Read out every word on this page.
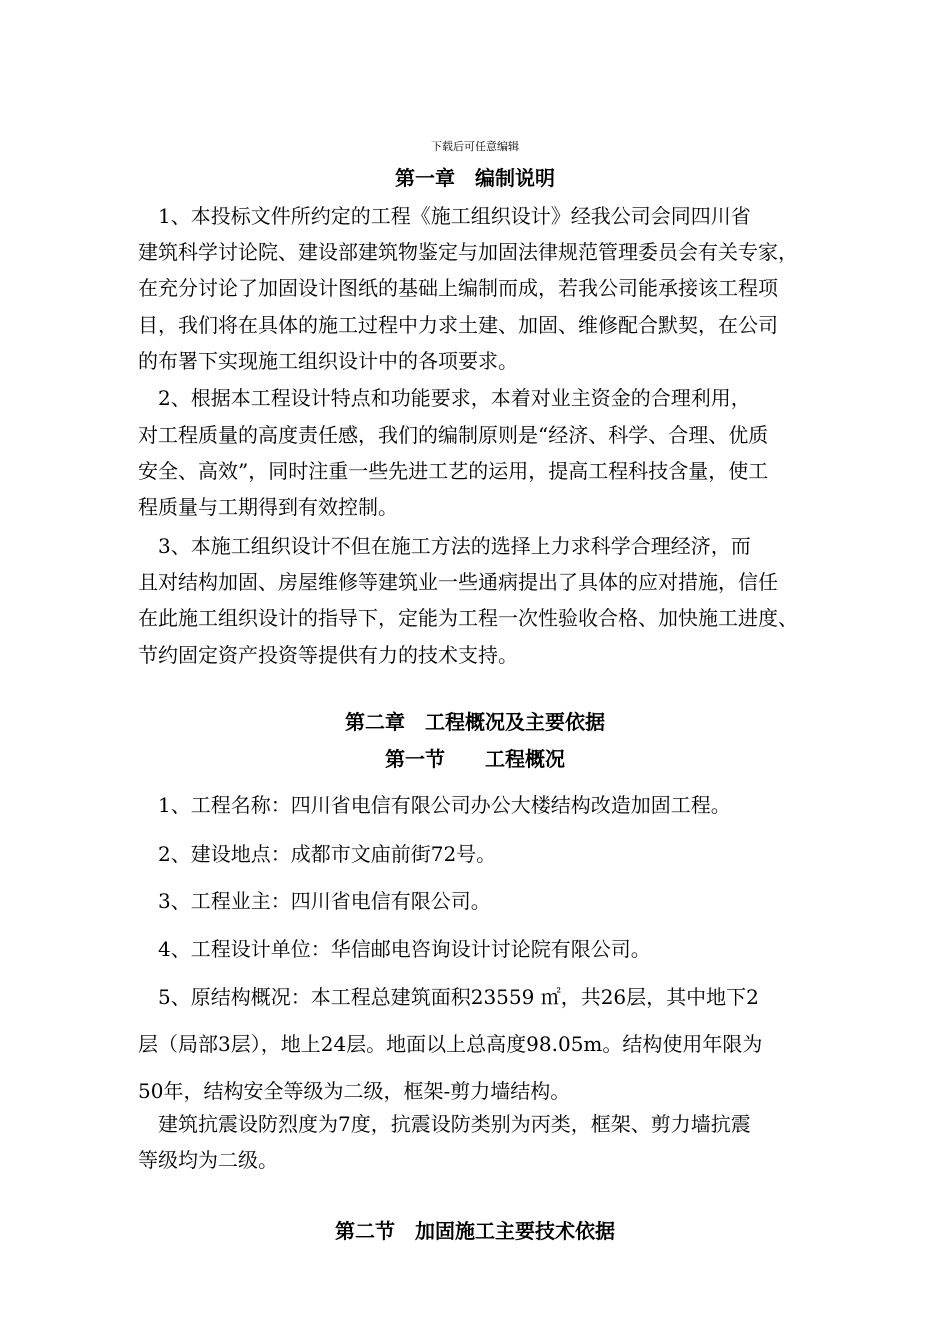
下载后可任意编辑
第一章　编制说明
　1、本投标文件所约定的工程《施工组织设计》经我公司会同四川省
建筑科学讨论院、建设部建筑物鉴定与加固法律规范管理委员会有关专家，
在充分讨论了加固设计图纸的基础上编制而成，若我公司能承接该工程项
目，我们将在具体的施工过程中力求土建、加固、维修配合默契，在公司
的布署下实现施工组织设计中的各项要求。
　2、根据本工程设计特点和功能要求，本着对业主资金的合理利用，
对工程质量的高度责任感，我们的编制原则是“经济、科学、合理、优质
安全、高效”，同时注重一些先进工艺的运用，提高工程科技含量，使工
程质量与工期得到有效控制。
　3、本施工组织设计不但在施工方法的选择上力求科学合理经济，而
且对结构加固、房屋维修等建筑业一些通病提出了具体的应对措施，信任
在此施工组织设计的指导下，定能为工程一次性验收合格、加快施工进度、
节约固定资产投资等提供有力的技术支持。
第二章　工程概况及主要依据
第一节　　工程概况
　1、工程名称：四川省电信有限公司办公大楼结构改造加固工程。
　2、建设地点：成都市文庙前街72号。
　3、工程业主：四川省电信有限公司。
　4、工程设计单位：华信邮电咨询设计讨论院有限公司。
　5、原结构概况：本工程总建筑面积23559 ㎡，共26层，其中地下2
层（局部3层），地上24层。地面以上总高度98.05m。结构使用年限为
50年，结构安全等级为二级，框架-剪力墙结构。
　建筑抗震设防烈度为7度，抗震设防类别为丙类，框架、剪力墙抗震
等级均为二级。
第二节　加固施工主要技术依据
